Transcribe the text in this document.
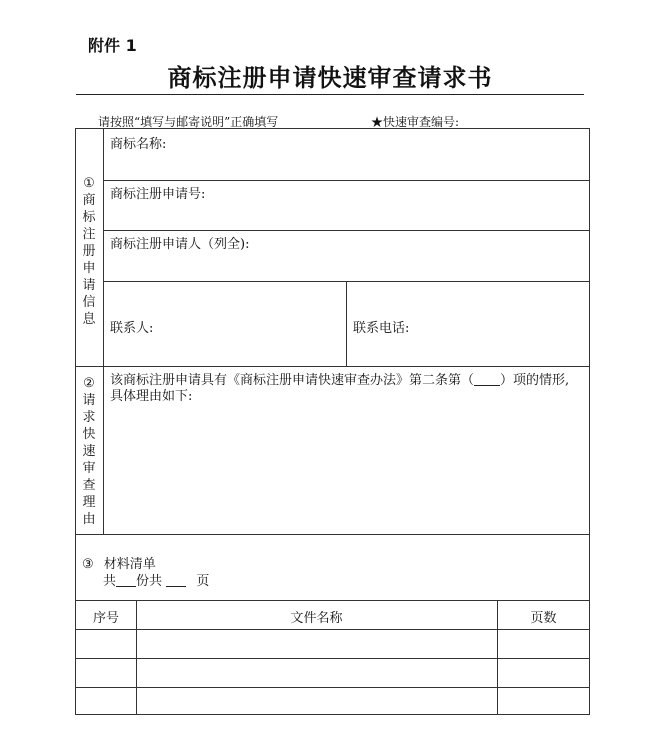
附件 1
商标注册申请快速审查请求书
请按照“填写与邮寄说明”正确填写	★快速审查编号:
①
商标注册申请信息
商标名称:
商标注册申请号:
商标注册申请人（列全):
联系人:	联系电话:
②
请求快速审查理由
该商标注册申请具有《商标注册申请快速审查办法》第二条第（ ）项的情形,
具体理由如下:
③ 材料清单
共 份共	页
序号	文件名称	页数
